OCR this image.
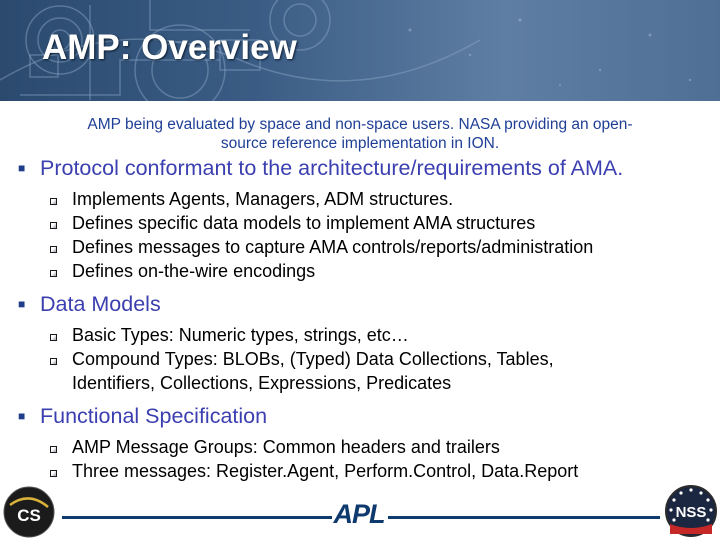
AMP: Overview
AMP being evaluated by space and non-space users. NASA providing an open-
source reference implementation in ION.
■ Protocol conformant to the architecture/requirements of AMA.
Implements Agents, Managers, ADM structures.
Defines specific data models to implement AMA structures
Defines messages to capture AMA controls/reports/administration
Defines on-the-wire encodings
■ Data Models
Basic Types: Numeric types, strings, etc…
Compound Types: BLOBs, (Typed) Data Collections, Tables,
Identifiers, Collections, Expressions, Predicates
■ Functional Specification
AMP Message Groups: Common headers and trailers
Three messages: Register.Agent, Perform.Control, Data.Report
CS	APL	NSS
